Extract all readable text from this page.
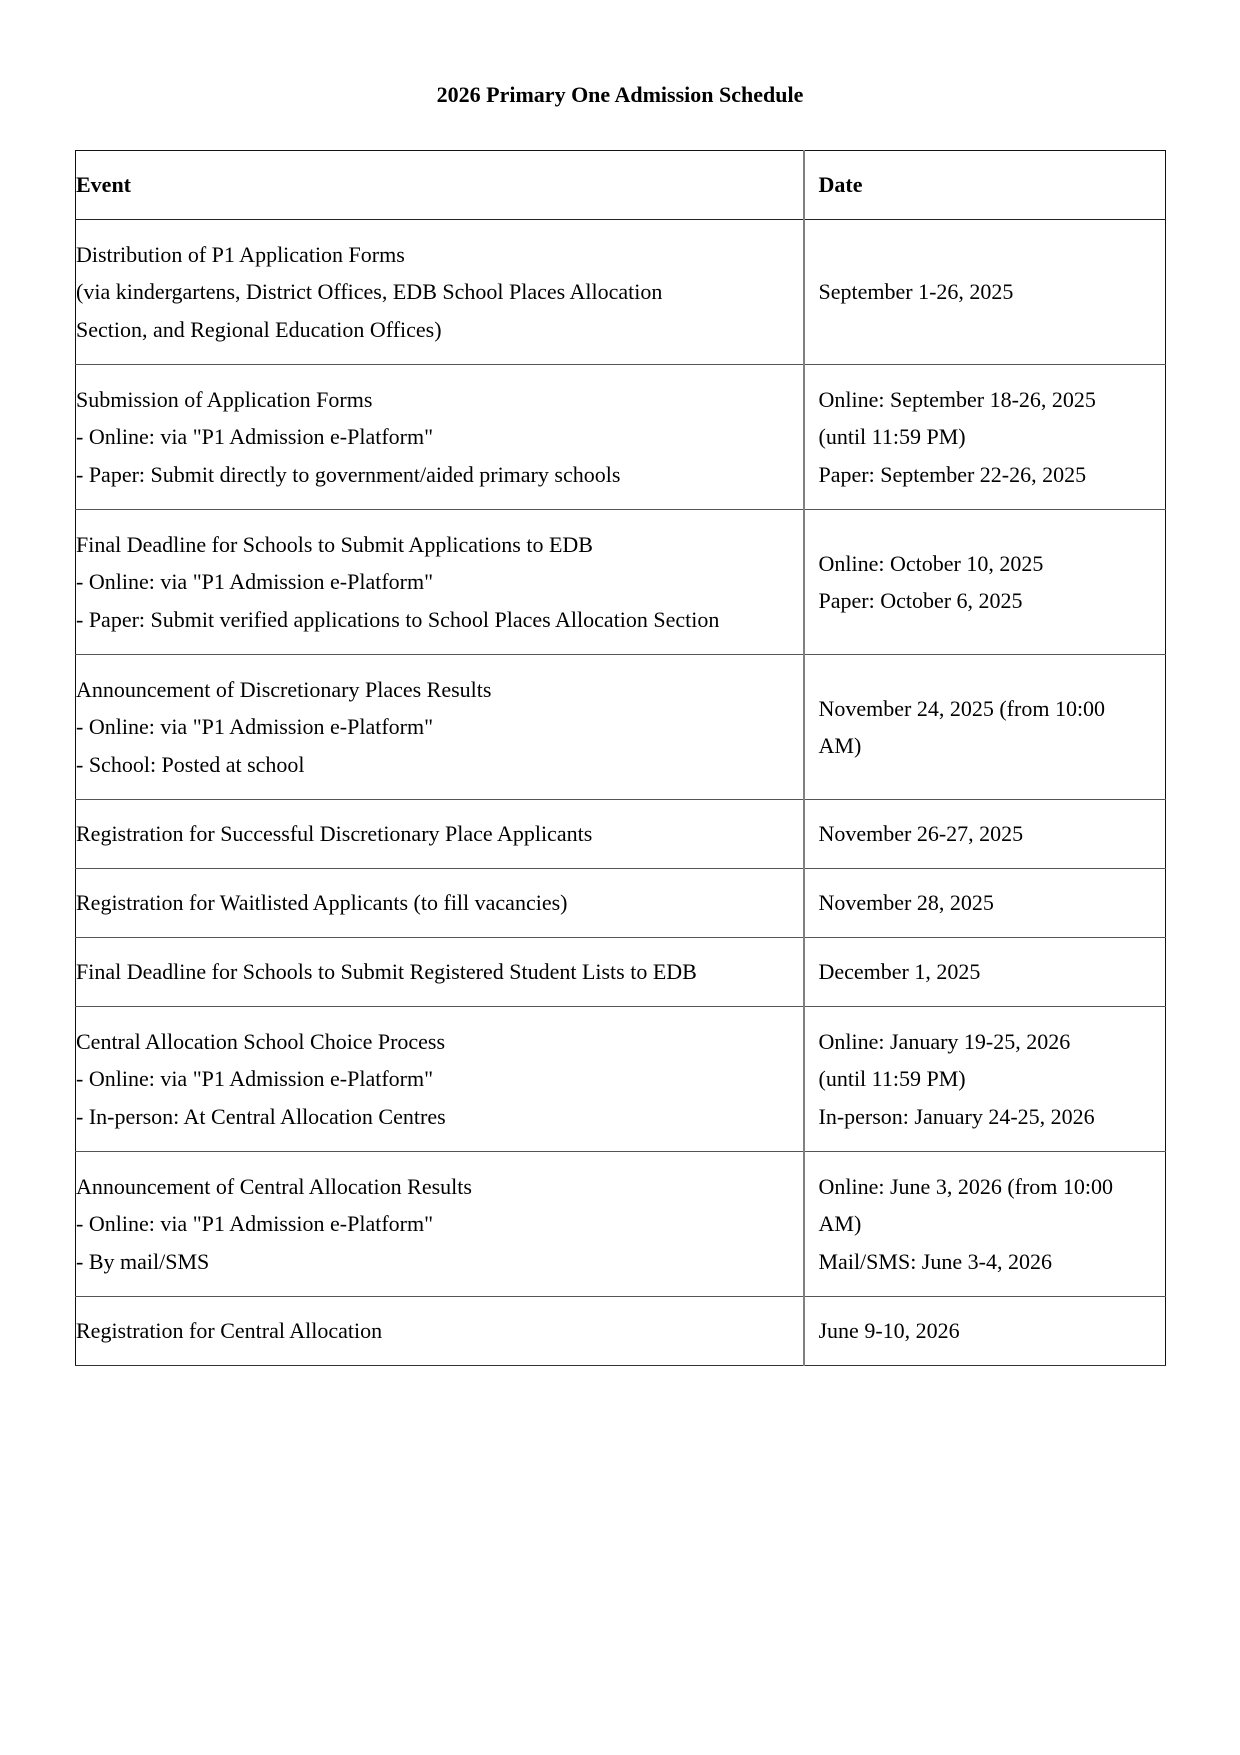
2026 Primary One Admission Schedule
Event	Date

Distribution of P1 Application Forms
(via kindergartens, District Offices, EDB School Places Allocation
Section, and Regional Education Offices)	September 1-26, 2025

Submission of Application Forms
- Online: via "P1 Admission e-Platform"
- Paper: Submit directly to government/aided primary schools	Online: September 18-26, 2025
(until 11:59 PM)
Paper: September 22-26, 2025

Final Deadline for Schools to Submit Applications to EDB
- Online: via "P1 Admission e-Platform"
- Paper: Submit verified applications to School Places Allocation Section	Online: October 10, 2025
Paper: October 6, 2025

Announcement of Discretionary Places Results
- Online: via "P1 Admission e-Platform"
- School: Posted at school	November 24, 2025 (from 10:00
AM)

Registration for Successful Discretionary Place Applicants	November 26-27, 2025

Registration for Waitlisted Applicants (to fill vacancies)	November 28, 2025

Final Deadline for Schools to Submit Registered Student Lists to EDB	December 1, 2025

Central Allocation School Choice Process
- Online: via "P1 Admission e-Platform"
- In-person: At Central Allocation Centres	Online: January 19-25, 2026
(until 11:59 PM)
In-person: January 24-25, 2026

Announcement of Central Allocation Results
- Online: via "P1 Admission e-Platform"
- By mail/SMS	Online: June 3, 2026 (from 10:00
AM)
Mail/SMS: June 3-4, 2026

Registration for Central Allocation	June 9-10, 2026
